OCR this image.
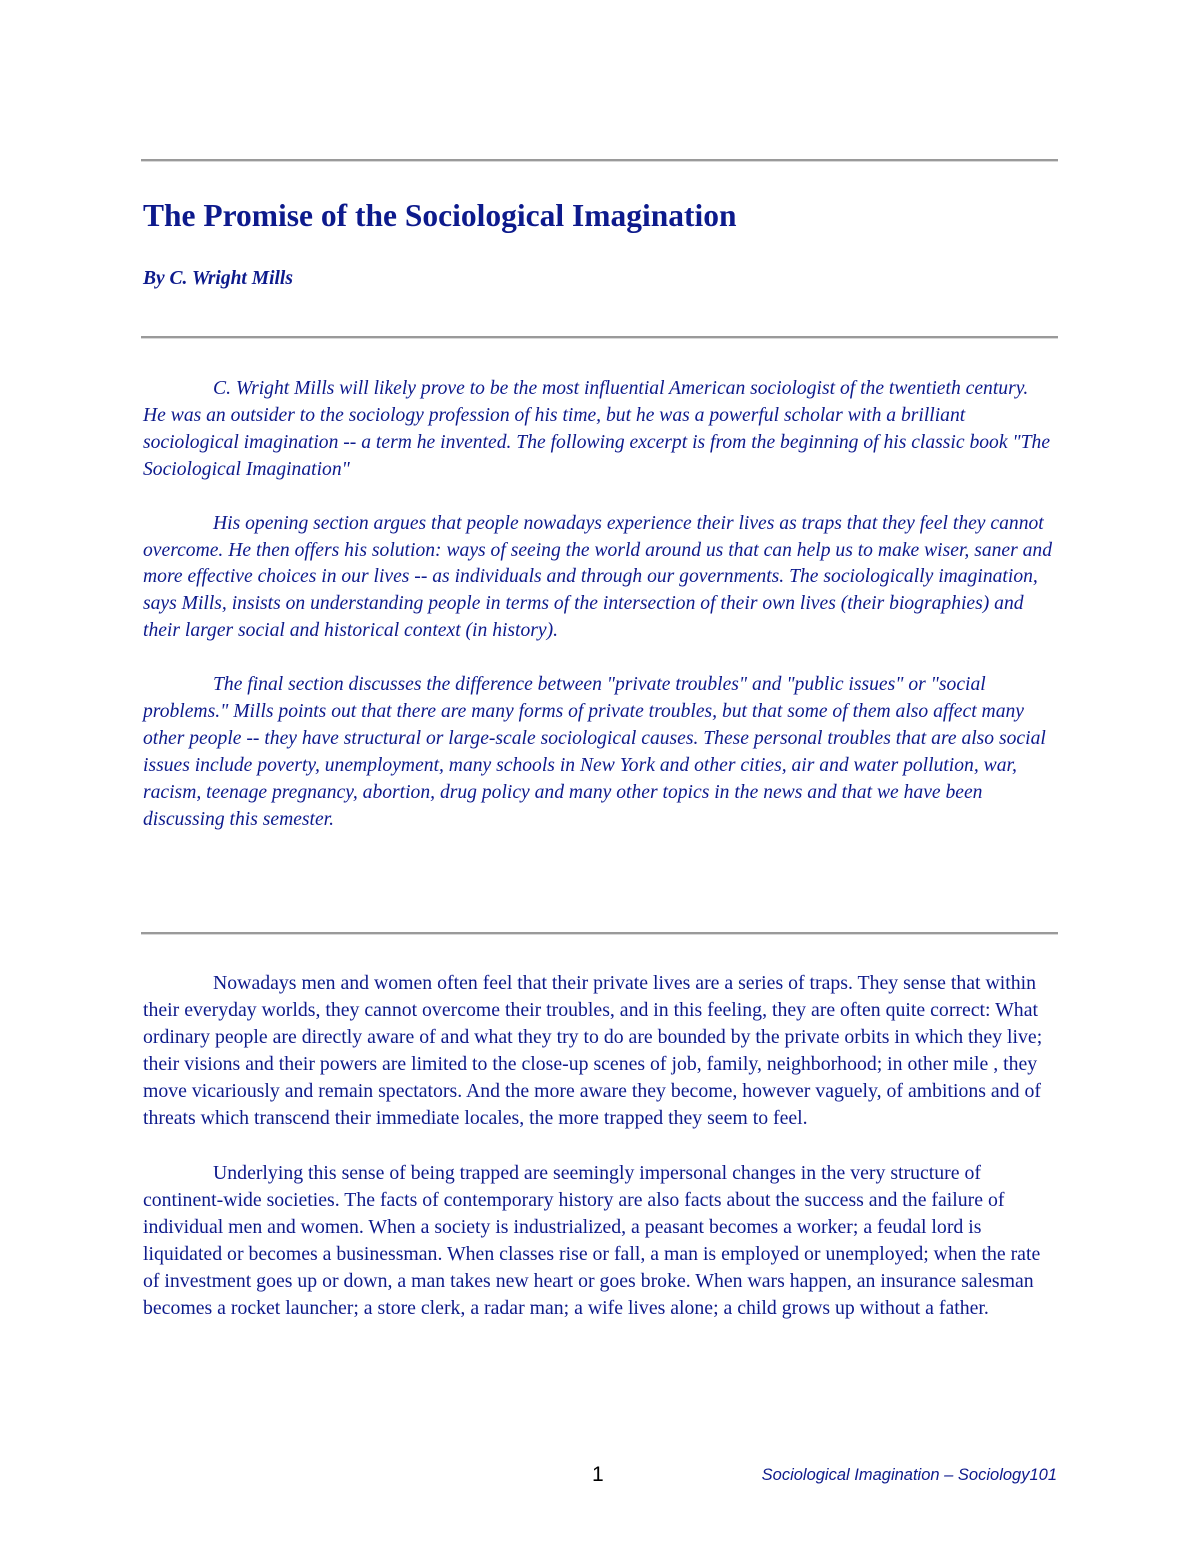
The Promise of the Sociological Imagination

By C. Wright Mills

C. Wright Mills will likely prove to be the most influential American sociologist of the twentieth century. He was an outsider to the sociology profession of his time, but he was a powerful scholar with a brilliant sociological imagination -- a term he invented. The following excerpt is from the beginning of his classic book "The Sociological Imagination"

His opening section argues that people nowadays experience their lives as traps that they feel they cannot overcome. He then offers his solution: ways of seeing the world around us that can help us to make wiser, saner and more effective choices in our lives -- as individuals and through our governments. The sociologically imagination, says Mills, insists on understanding people in terms of the intersection of their own lives (their biographies) and their larger social and historical context (in history).

The final section discusses the difference between "private troubles" and "public issues" or "social problems." Mills points out that there are many forms of private troubles, but that some of them also affect many other people -- they have structural or large-scale sociological causes. These personal troubles that are also social issues include poverty, unemployment, many schools in New York and other cities, air and water pollution, war, racism, teenage pregnancy, abortion, drug policy and many other topics in the news and that we have been discussing this semester.

Nowadays men and women often feel that their private lives are a series of traps. They sense that within their everyday worlds, they cannot overcome their troubles, and in this feeling, they are often quite correct: What ordinary people are directly aware of and what they try to do are bounded by the private orbits in which they live; their visions and their powers are limited to the close-up scenes of job, family, neighborhood; in other mile , they move vicariously and remain spectators. And the more aware they become, however vaguely, of ambitions and of threats which transcend their immediate locales, the more trapped they seem to feel.

Underlying this sense of being trapped are seemingly impersonal changes in the very structure of continent-wide societies. The facts of contemporary history are also facts about the success and the failure of individual men and women. When a society is industrialized, a peasant becomes a worker; a feudal lord is liquidated or becomes a businessman. When classes rise or fall, a man is employed or unemployed; when the rate of investment goes up or down, a man takes new heart or goes broke. When wars happen, an insurance salesman becomes a rocket launcher; a store clerk, a radar man; a wife lives alone; a child grows up without a father.

1	Sociological Imagination – Sociology101
